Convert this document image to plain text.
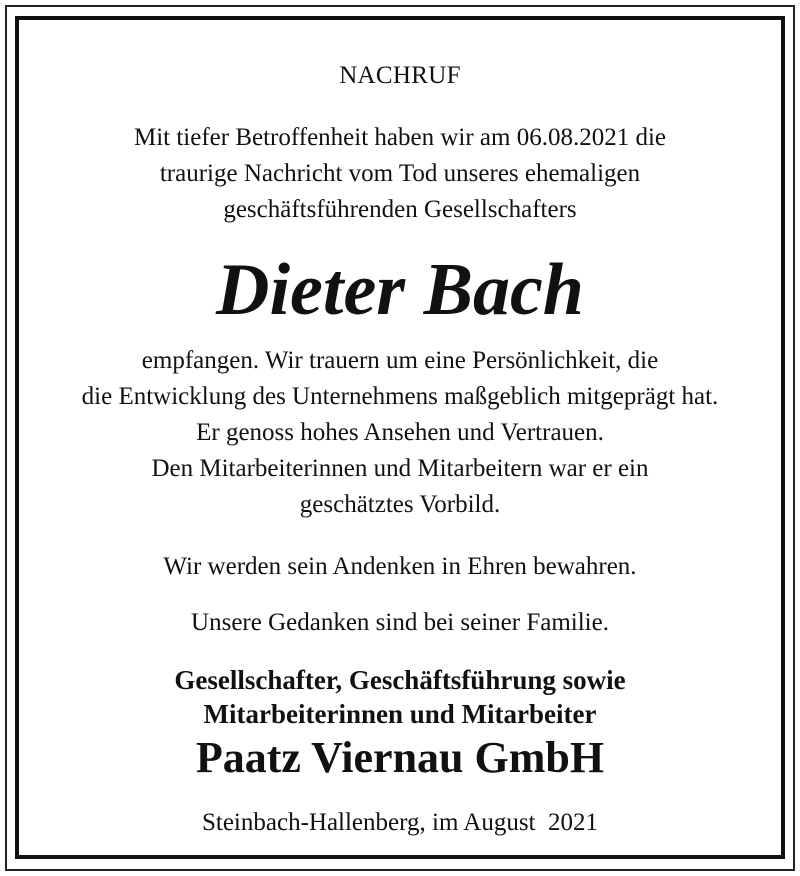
NACHRUF
Mit tiefer Betroffenheit haben wir am 06.08.2021 die
traurige Nachricht vom Tod unseres ehemaligen
geschäftsführenden Gesellschafters
Dieter Bach
empfangen. Wir trauern um eine Persönlichkeit, die
die Entwicklung des Unternehmens maßgeblich mitgeprägt hat.
Er genoss hohes Ansehen und Vertrauen.
Den Mitarbeiterinnen und Mitarbeitern war er ein
geschätztes Vorbild.
Wir werden sein Andenken in Ehren bewahren.
Unsere Gedanken sind bei seiner Familie.
Gesellschafter, Geschäftsführung sowie
Mitarbeiterinnen und Mitarbeiter
Paatz Viernau GmbH
Steinbach-Hallenberg, im August  2021
